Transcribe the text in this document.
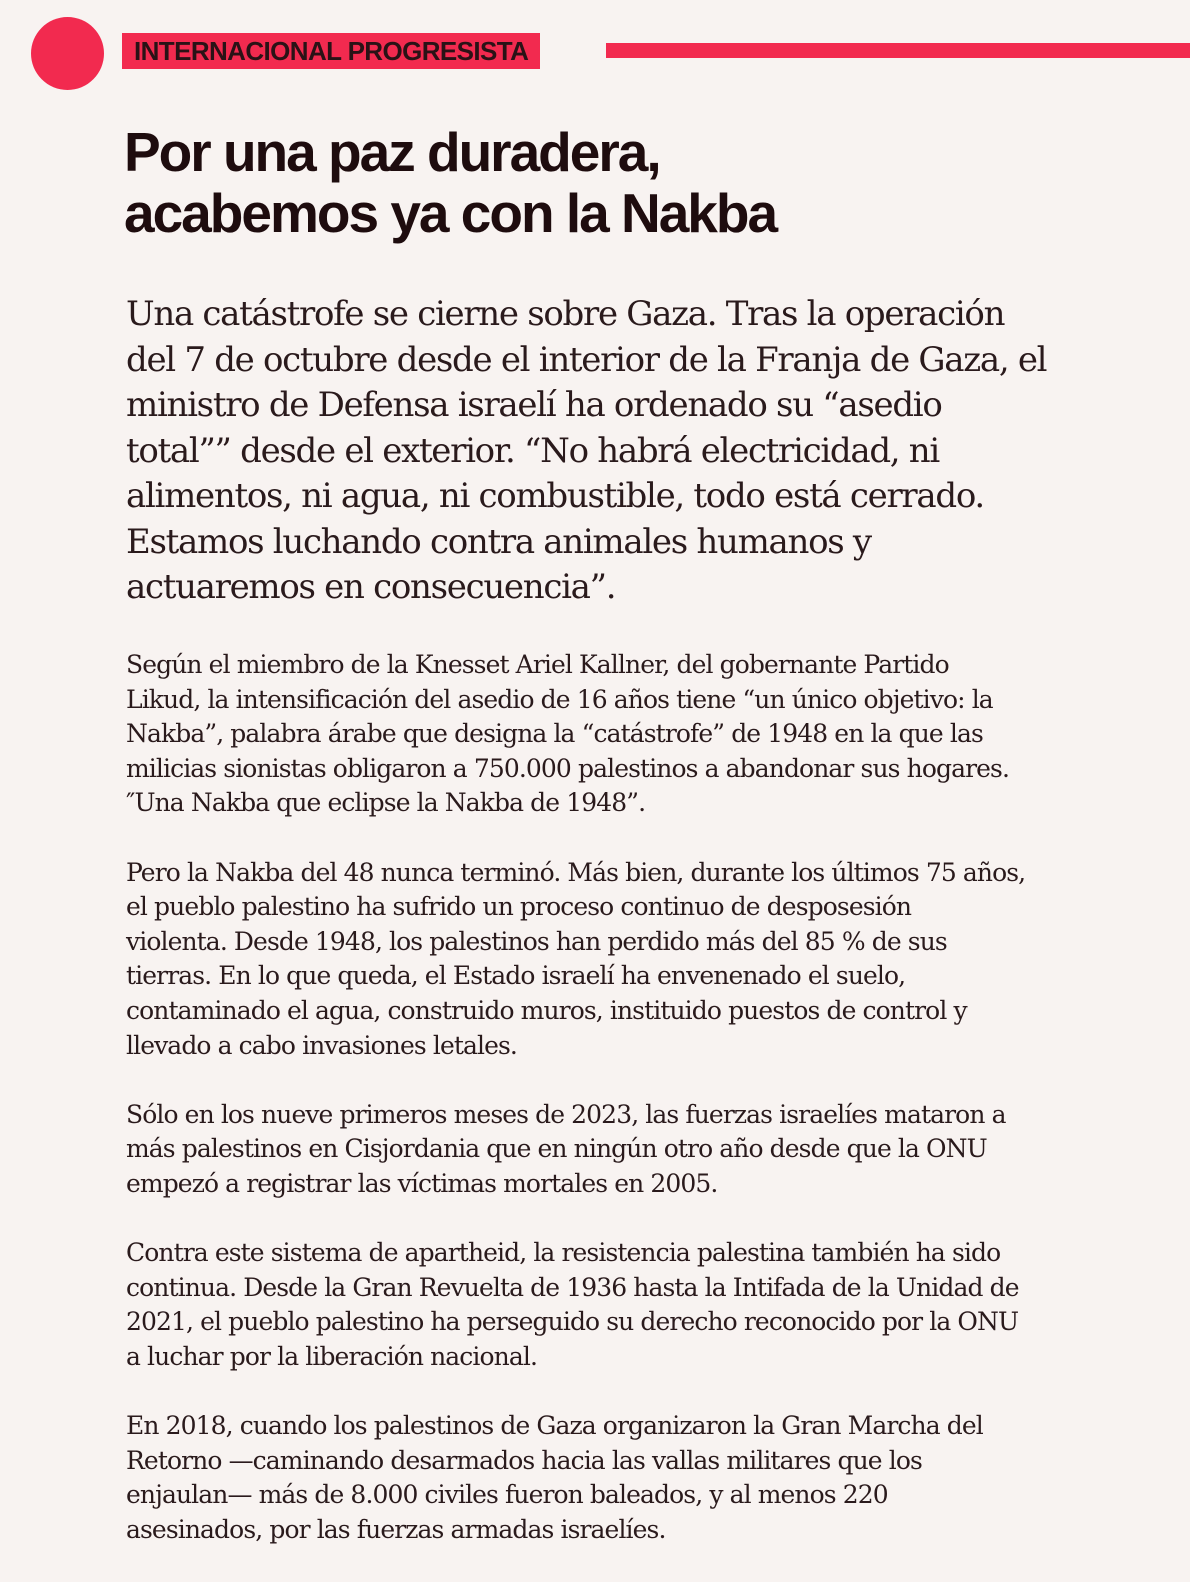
INTERNACIONAL PROGRESISTA
Por una paz duradera,
acabemos ya con la Nakba

Una catástrofe se cierne sobre Gaza. Tras la operación
del 7 de octubre desde el interior de la Franja de Gaza, el
ministro de Defensa israelí ha ordenado su “asedio
total”” desde el exterior. “No habrá electricidad, ni
alimentos, ni agua, ni combustible, todo está cerrado.
Estamos luchando contra animales humanos y
actuaremos en consecuencia”.

Según el miembro de la Knesset Ariel Kallner, del gobernante Partido
Likud, la intensificación del asedio de 16 años tiene “un único objetivo: la
Nakba”, palabra árabe que designa la “catástrofe” de 1948 en la que las
milicias sionistas obligaron a 750.000 palestinos a abandonar sus hogares.
″Una Nakba que eclipse la Nakba de 1948”.

Pero la Nakba del 48 nunca terminó. Más bien, durante los últimos 75 años,
el pueblo palestino ha sufrido un proceso continuo de desposesión
violenta. Desde 1948, los palestinos han perdido más del 85 % de sus
tierras. En lo que queda, el Estado israelí ha envenenado el suelo,
contaminado el agua, construido muros, instituido puestos de control y
llevado a cabo invasiones letales.

Sólo en los nueve primeros meses de 2023, las fuerzas israelíes mataron a
más palestinos en Cisjordania que en ningún otro año desde que la ONU
empezó a registrar las víctimas mortales en 2005.

Contra este sistema de apartheid, la resistencia palestina también ha sido
continua. Desde la Gran Revuelta de 1936 hasta la Intifada de la Unidad de
2021, el pueblo palestino ha perseguido su derecho reconocido por la ONU
a luchar por la liberación nacional.

En 2018, cuando los palestinos de Gaza organizaron la Gran Marcha del
Retorno —caminando desarmados hacia las vallas militares que los
enjaulan— más de 8.000 civiles fueron baleados, y al menos 220
asesinados, por las fuerzas armadas israelíes.
